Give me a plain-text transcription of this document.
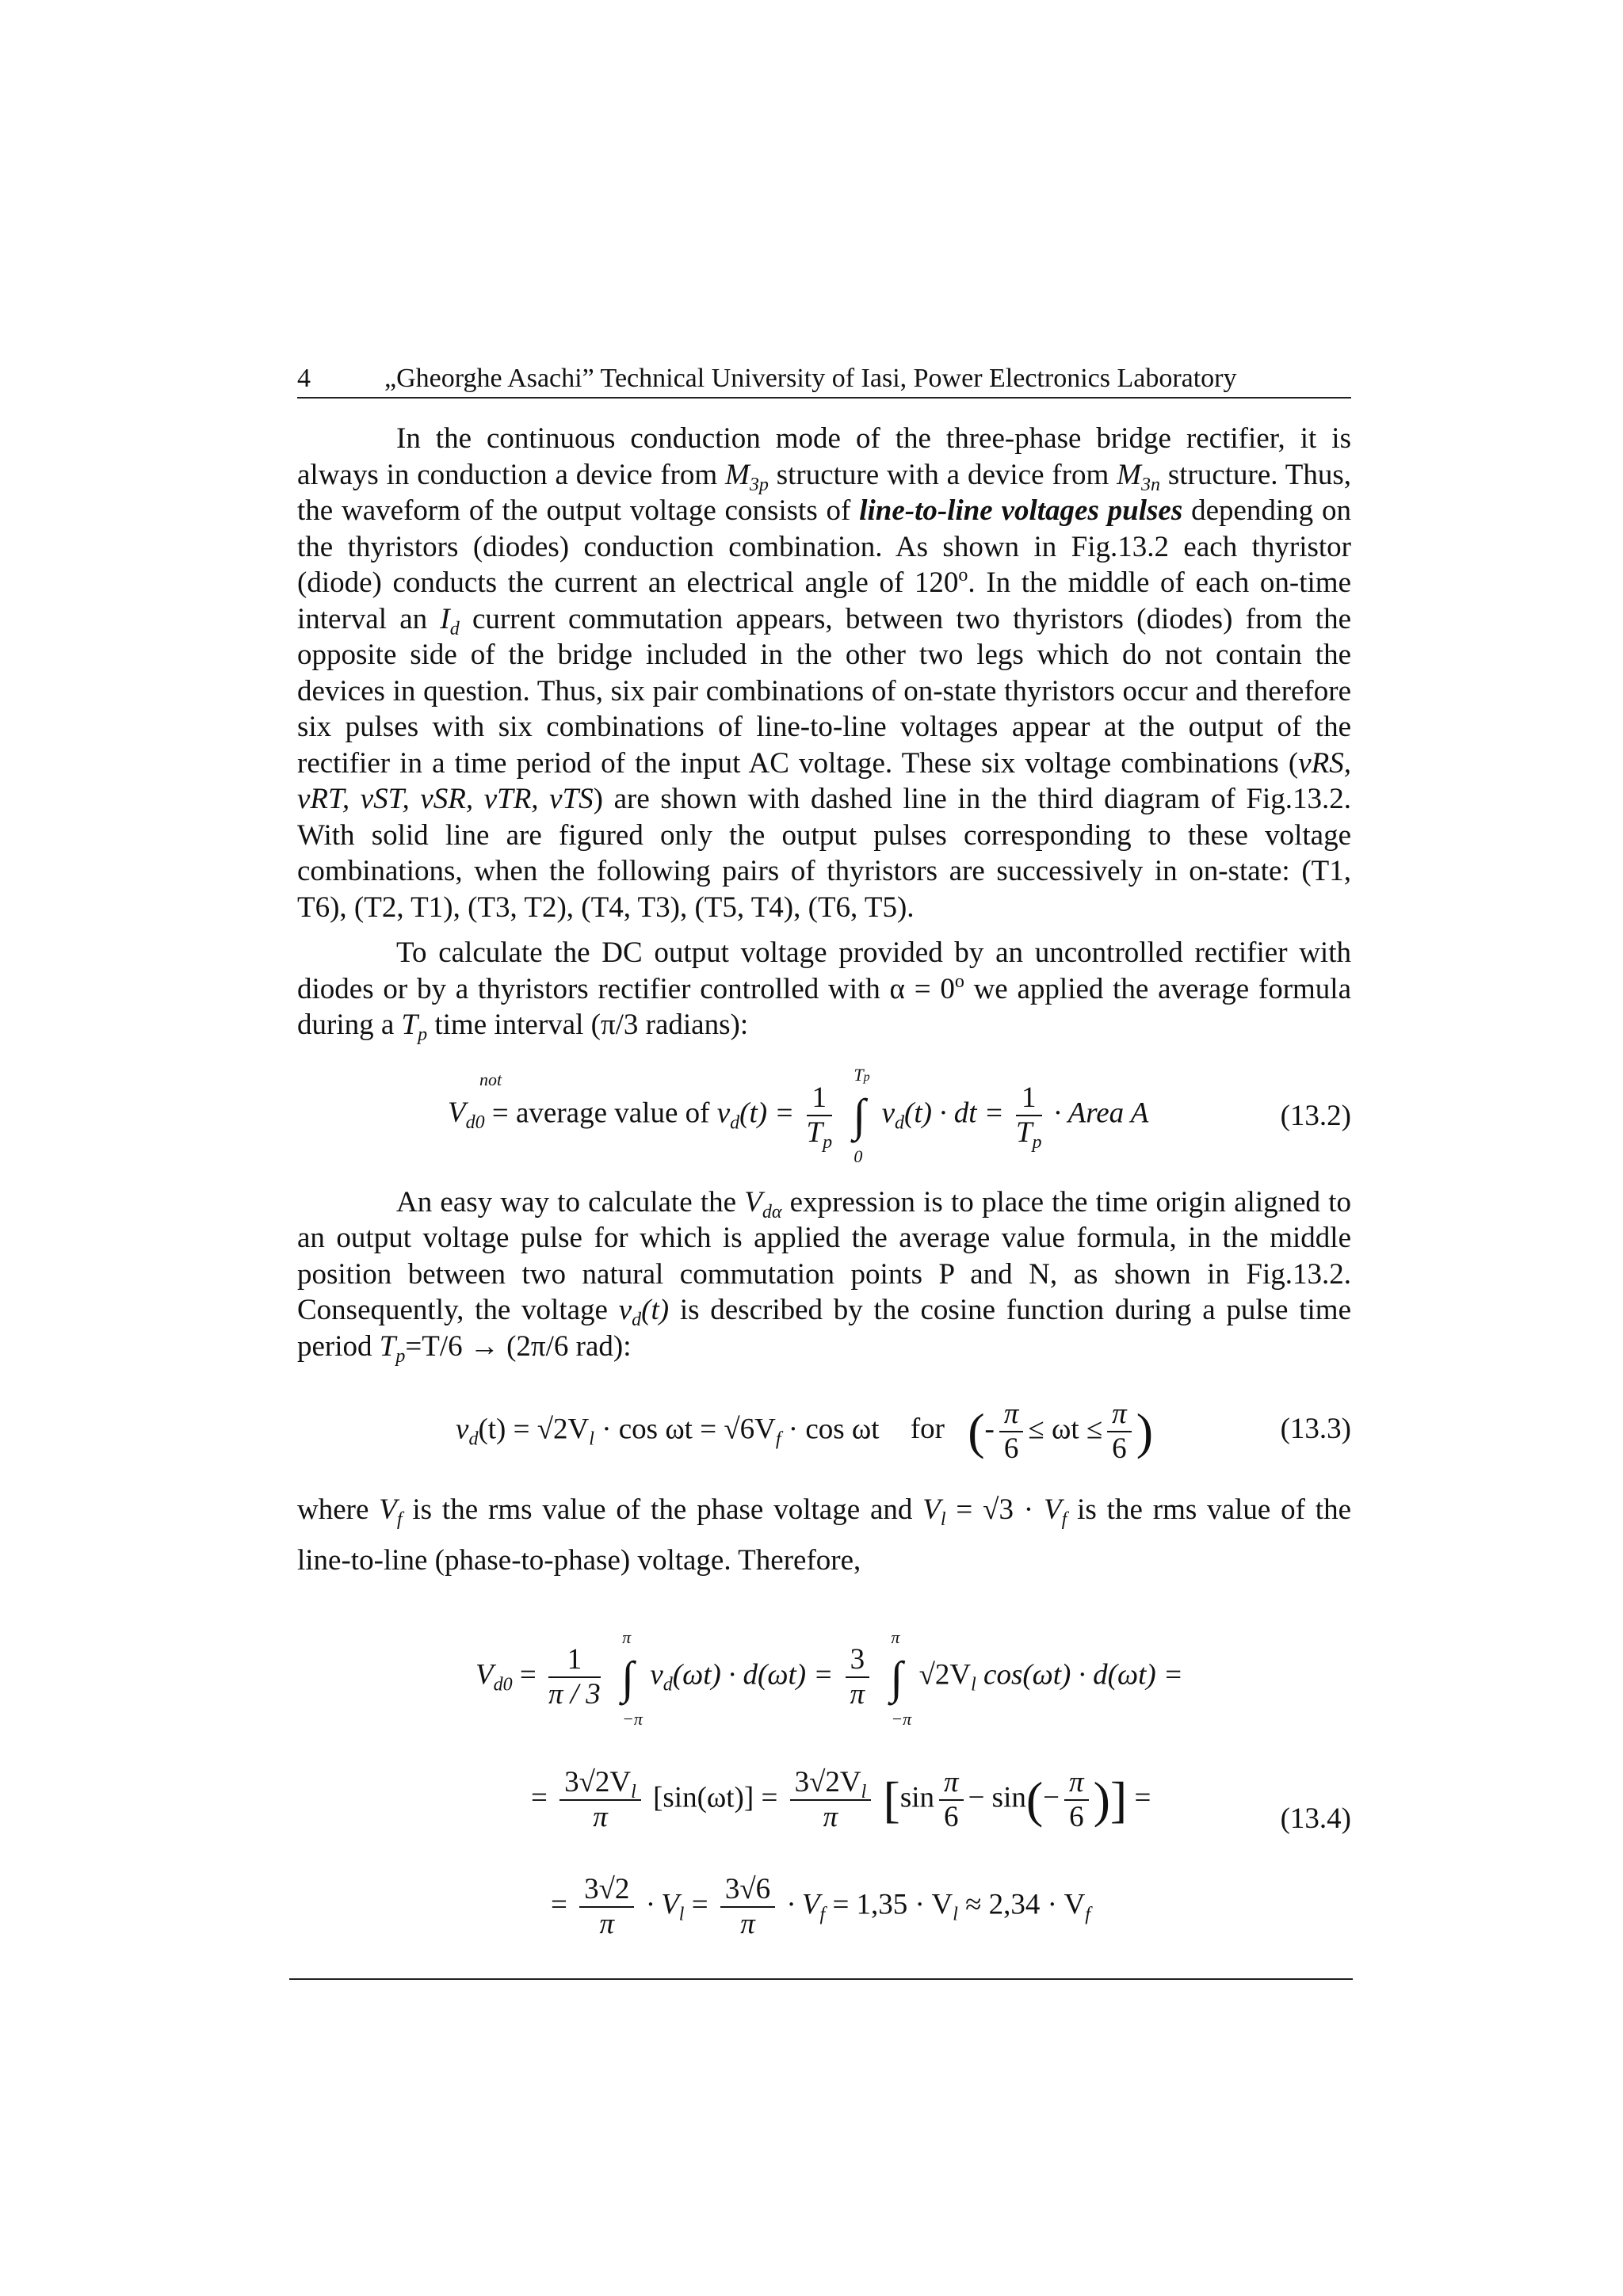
4	„Gheorghe Asachi” Technical University of Iasi, Power Electronics Laboratory

In the continuous conduction mode of the three-phase bridge rectifier, it is always in conduction a device from $M_{3p}$ structure with a device from $M_{3n}$ structure. Thus, the waveform of the output voltage consists of line-to-line voltages pulses depending on the thyristors (diodes) conduction combination. As shown in Fig.13.2 each thyristor (diode) conducts the current an electrical angle of 120$^o$. In the middle of each on-time interval an $I_d$ current commutation appears, between two thyristors (diodes) from the opposite side of the bridge included in the other two legs which do not contain the devices in question. Thus, six pair combinations of on-state thyristors occur and therefore six pulses with six combinations of line-to-line voltages appear at the output of the rectifier in a time period of the input AC voltage. These six voltage combinations (vRS, vRT, vST, vSR, vTR, vTS) are shown with dashed line in the third diagram of Fig.13.2. With solid line are figured only the output pulses corresponding to these voltage combinations, when the following pairs of thyristors are successively in on-state: (T1, T6), (T2, T1), (T3, T2), (T4, T3), (T5, T4), (T6, T5).

To calculate the DC output voltage provided by an uncontrolled rectifier with diodes or by a thyristors rectifier controlled with $\alpha = 0^o$ we applied the average formula during a $T_p$ time interval (π/3 radians):

$V_{d0}$
not
= average value of $v_d(t) = \frac{1}{T_p}$ ∫
Tp
0
$v_d(t)$ · dt = $\frac{1}{T_p}$ · Area A	(13.2)

An easy way to calculate the $V_{d\alpha}$ expression is to place the time origin aligned to an output voltage pulse for which is applied the average value formula, in the middle position between two natural commutation points P and N, as shown in Fig.13.2. Consequently, the voltage $v_d(t)$ is described by the cosine function during a pulse time period $T_p=T/6 \to (2\pi/6$ rad):

$v_d(t) = √2V_l \cdot \cos \omega t = √6V_f \cdot \cos \omega t$ for (- $\frac{\pi}{6} \le \omega t \le \frac{\pi}{6}$ )	(13.3)

where $V_f$ is the rms value of the phase voltage and $V_l = √3 \cdot V_f$ is the rms value of the line-to-line (phase-to-phase) voltage. Therefore,

$V_{d0} = \frac{1}{\pi / 3}$ ∫
π
−π
$v_d(\omega t) \cdot d(\omega t) = \frac{3}{\pi}$ ∫
π
−π
$√2V_l$ cos(ωt) · d(ωt) =
= $\frac{3√2V_l}{\pi} [\sin(\omega t)] = \frac{3√2V_l}{\pi} [\sin \frac{\pi}{6} - \sin(- \frac{\pi}{6}$ )] =
(13.4)
= $\frac{3√2}{\pi} \cdot V_l = \frac{3√6}{\pi} \cdot V_f = 1,35 \cdot V_l \approx 2,34 \cdot V_f$
